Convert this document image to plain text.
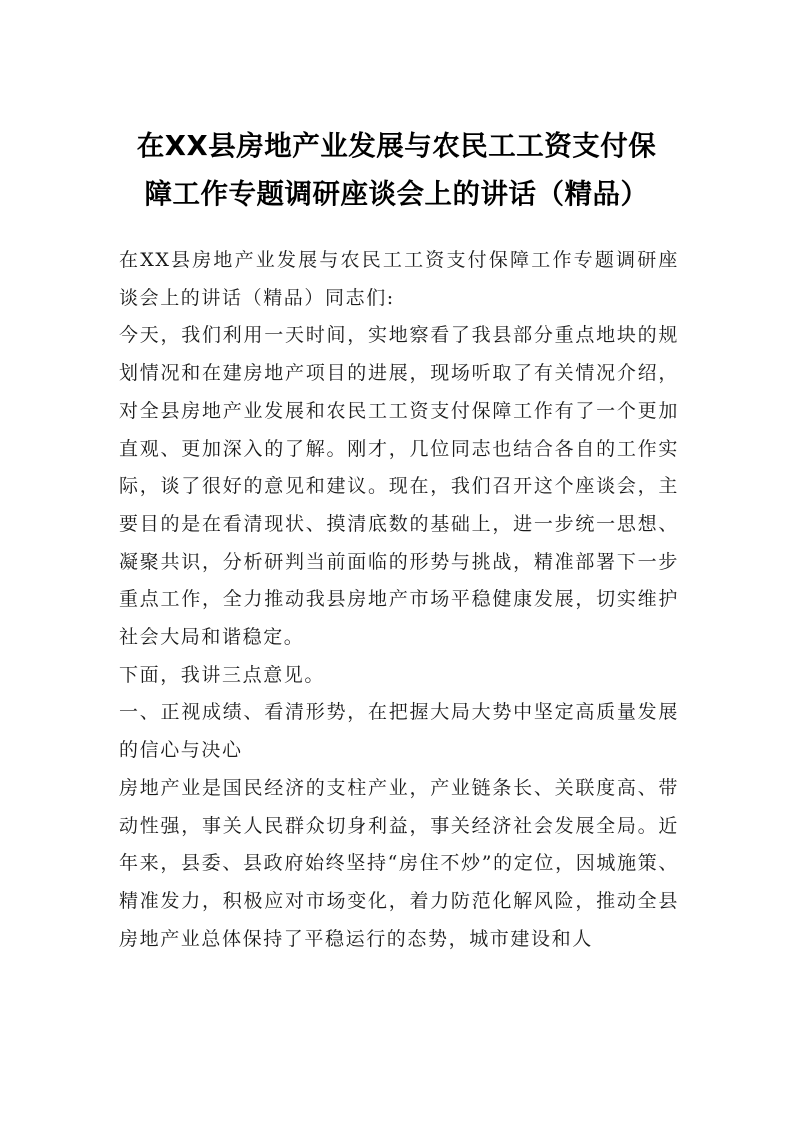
在XX县房地产业发展与农民工工资支付保
障工作专题调研座谈会上的讲话（精品）

在XX县房地产业发展与农民工工资支付保障工作专题调研座谈会上的讲话（精品）同志们:

今天，我们利用一天时间，实地察看了我县部分重点地块的规划情况和在建房地产项目的进展，现场听取了有关情况介绍，对全县房地产业发展和农民工工资支付保障工作有了一个更加直观、更加深入的了解。刚才，几位同志也结合各自的工作实际，谈了很好的意见和建议。现在，我们召开这个座谈会，主要目的是在看清现状、摸清底数的基础上，进一步统一思想、凝聚共识，分析研判当前面临的形势与挑战，精准部署下一步重点工作，全力推动我县房地产市场平稳健康发展，切实维护社会大局和谐稳定。

下面，我讲三点意见。

一、正视成绩、看清形势，在把握大局大势中坚定高质量发展的信心与决心

房地产业是国民经济的支柱产业，产业链条长、关联度高、带动性强，事关人民群众切身利益，事关经济社会发展全局。近年来，县委、县政府始终坚持“房住不炒”的定位，因城施策、精准发力，积极应对市场变化，着力防范化解风险，推动全县房地产业总体保持了平稳运行的态势，城市建设和人
